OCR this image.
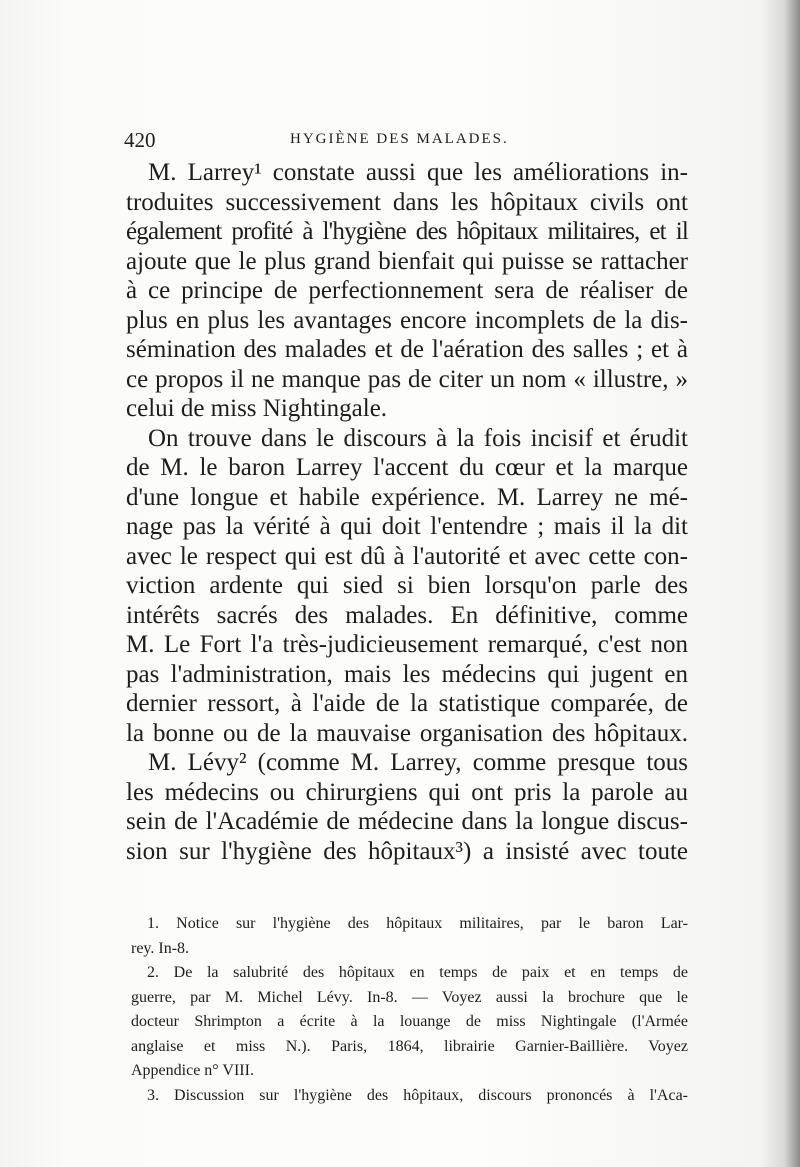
420	HYGIÈNE DES MALADES.

M. Larrey¹ constate aussi que les améliorations in-

troduites successivement dans les hôpitaux civils ont

également profité à l'hygiène des hôpitaux militaires, et il

ajoute que le plus grand bienfait qui puisse se rattacher

à ce principe de perfectionnement sera de réaliser de

plus en plus les avantages encore incomplets de la dis-

sémination des malades et de l'aération des salles ; et à

ce propos il ne manque pas de citer un nom « illustre, »

celui de miss Nightingale.

On trouve dans le discours à la fois incisif et érudit

de M. le baron Larrey l'accent du cœur et la marque

d'une longue et habile expérience. M. Larrey ne mé-

nage pas la vérité à qui doit l'entendre ; mais il la dit

avec le respect qui est dû à l'autorité et avec cette con-

viction ardente qui sied si bien lorsqu'on parle des

intérêts sacrés des malades. En définitive, comme

M. Le Fort l'a très-judicieusement remarqué, c'est non

pas l'administration, mais les médecins qui jugent en

dernier ressort, à l'aide de la statistique comparée, de

la bonne ou de la mauvaise organisation des hôpitaux.

M. Lévy² (comme M. Larrey, comme presque tous

les médecins ou chirurgiens qui ont pris la parole au

sein de l'Académie de médecine dans la longue discus-

sion sur l'hygiène des hôpitaux³) a insisté avec toute

1. Notice sur l'hygiène des hôpitaux militaires, par le baron Lar-

rey. In-8.

2. De la salubrité des hôpitaux en temps de paix et en temps de

guerre, par M. Michel Lévy. In-8. — Voyez aussi la brochure que le

docteur Shrimpton a écrite à la louange de miss Nightingale (l'Armée

anglaise et miss N.). Paris, 1864, librairie Garnier-Baillière. Voyez

Appendice n° VIII.

3. Discussion sur l'hygiène des hôpitaux, discours prononcés à l'Aca-
